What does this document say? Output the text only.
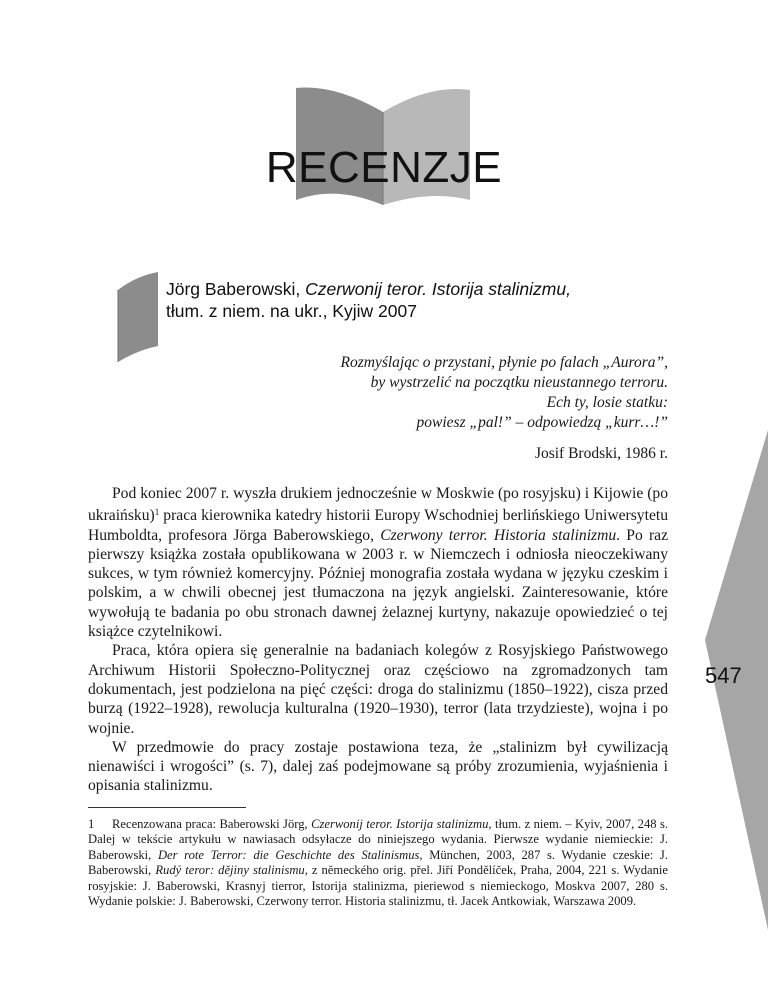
RECENZJE
Jörg Baberowski, Czerwonij teror. Istorija stalinizmu,
tłum. z niem. na ukr., Kyjiw 2007
Rozmyślając o przystani, płynie po falach „Aurora”,
by wystrzelić na początku nieustannego terroru.
Ech ty, losie statku:
powiesz „pal!” – odpowiedzą „kurr…!”
Josif Brodski, 1986 r.

Pod koniec 2007 r. wyszła drukiem jednocześnie w Moskwie (po rosyjsku) i Kijowie (po ukraińsku)$^1$ praca kierownika katedry historii Europy Wschodniej berlińskiego Uniwersytetu Humboldta, profesora Jörga Baberowskiego, Czerwony terror. Historia stalinizmu. Po raz pierwszy książka została opublikowana w 2003 r. w Niemczech i odniosła nieoczekiwany sukces, w tym również komercyjny. Później monografia została wydana w języku czeskim i polskim, a w chwili obecnej jest tłumaczona na język angielski. Zainteresowanie, które wywołują te badania po obu stronach dawnej żelaznej kurtyny, nakazuje opowiedzieć o tej książce czytelnikowi.

Praca, która opiera się generalnie na badaniach kolegów z Rosyjskiego Państwowego Archiwum Historii Społeczno-Politycznej oraz częściowo na zgromadzonych tam dokumentach, jest podzielona na pięć części: droga do stalinizmu (1850–1922), cisza przed burzą (1922–1928), rewolucja kulturalna (1920–1930), terror (lata trzydzieste), wojna i po wojnie.

W przedmowie do pracy zostaje postawiona teza, że „stalinizm był cywilizacją nienawiści i wrogości” (s. 7), dalej zaś podejmowane są próby zrozumienia, wyjaśnienia i opisania stalinizmu.

547
1 Recenzowana praca: Baberowski Jörg, Czerwonij teror. Istorija stalinizmu, tłum. z niem. – Kyiv, 2007, 248 s. Dalej w tekście artykułu w nawiasach odsyłacze do niniejszego wydania. Pierwsze wydanie niemieckie: J. Baberowski, Der rote Terror: die Geschichte des Stalinismus, München, 2003, 287 s. Wydanie czeskie: J. Baberowski, Rudý teror: dějiny stalinismu, z německého orig. přel. Jiří Pondělíček, Praha, 2004, 221 s. Wydanie rosyjskie: J. Baberowski, Krasnyj tierror, Istorija stalinizma, pieriewod s niemieckogo, Moskva 2007, 280 s. Wydanie polskie: J. Baberowski, Czerwony terror. Historia stalinizmu, tł. Jacek Antkowiak, Warszawa 2009.
